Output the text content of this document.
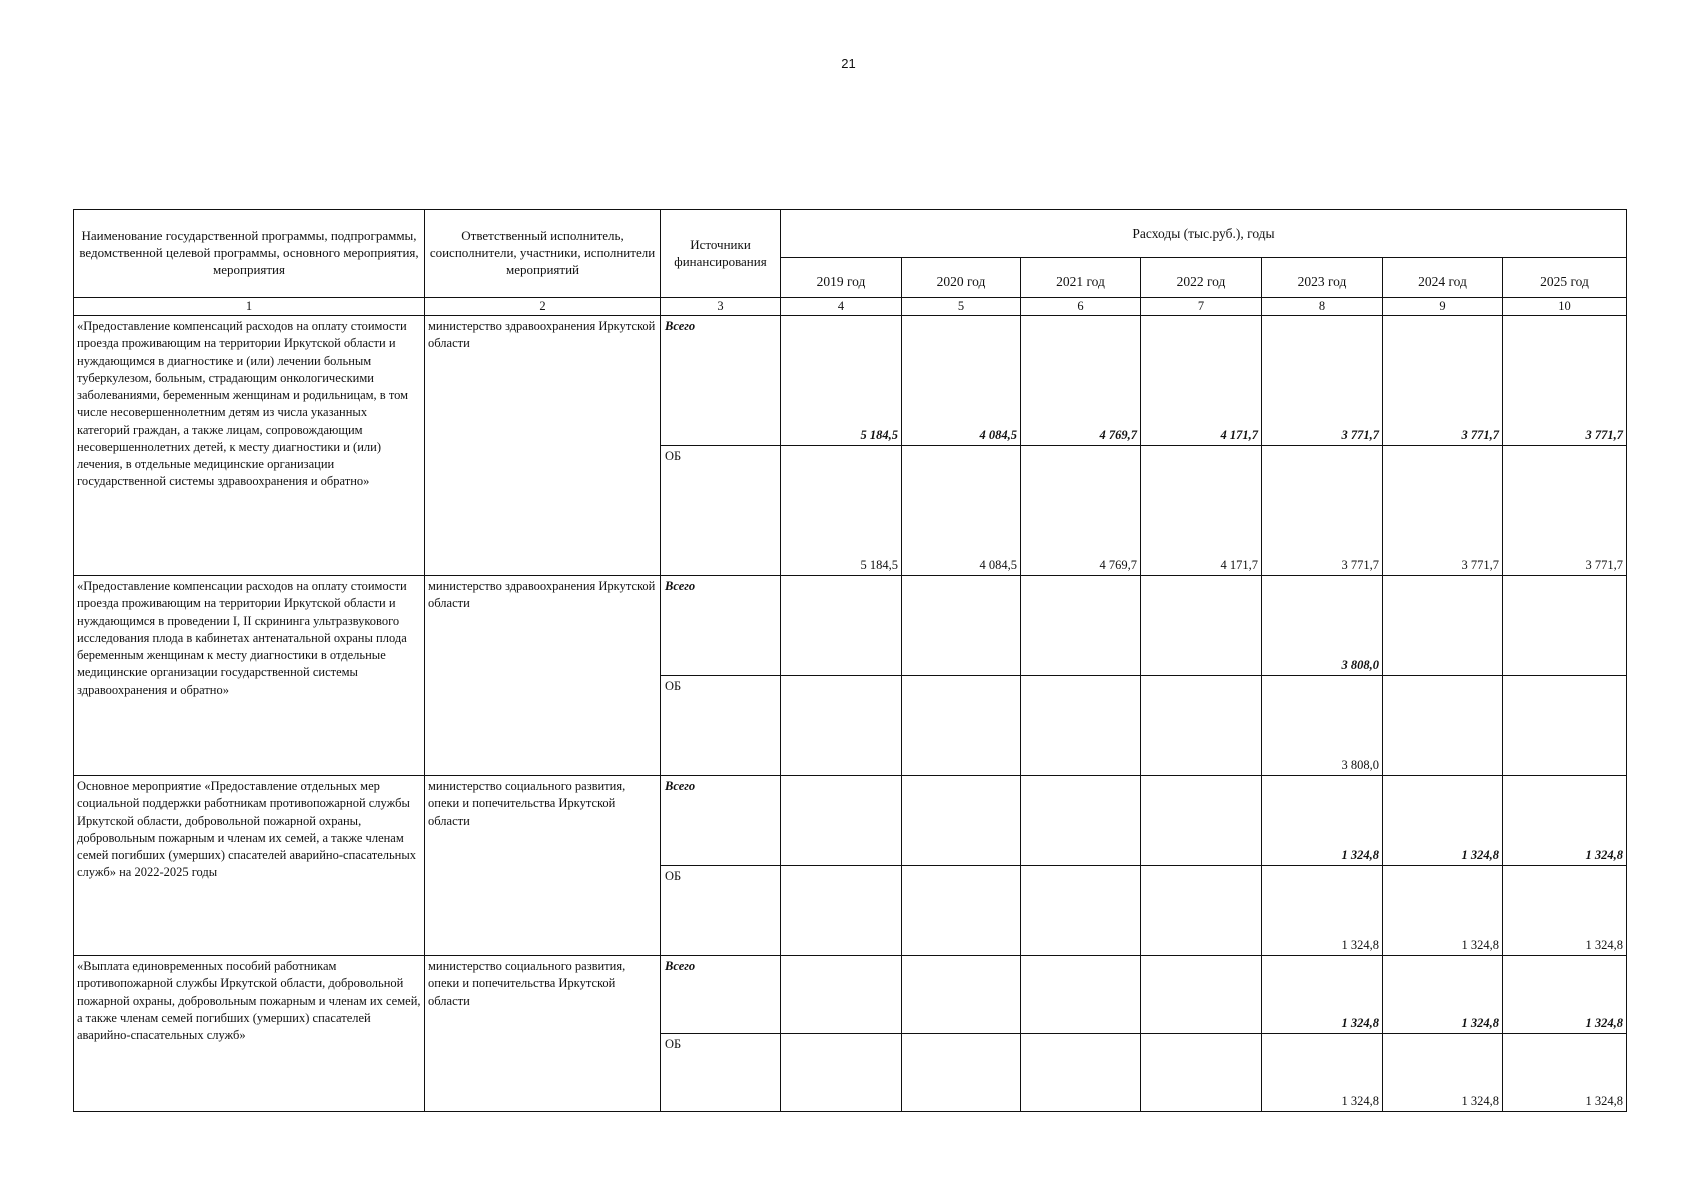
21
Наименование государственной программы, подпрограммы, ведомственной целевой программы, основного мероприятия, мероприятия	Ответственный исполнитель, соисполнители, участники, исполнители мероприятий	Источники финансирования	Расходы (тыс.руб.), годы						
			2019 год	2020 год	2021 год	2022 год	2023 год	2024 год	2025 год
1	2	3	4	5	6	7	8	9	10
«Предоставление компенсаций расходов на оплату стоимости проезда проживающим на территории Иркутской области и нуждающимся в диагностике и (или) лечении больным туберкулезом, больным, страдающим онкологическими заболеваниями, беременным женщинам и родильницам, в том числе несовершеннолетним детям из числа указанных категорий граждан, а также лицам, сопровождающим несовершеннолетних детей, к месту диагностики и (или) лечения, в отдельные медицинские организации государственной системы здравоохранения и обратно»	министерство здравоохранения Иркутской области	Всего	5 184,5	4 084,5	4 769,7	4 171,7	3 771,7	3 771,7	3 771,7
		ОБ	5 184,5	4 084,5	4 769,7	4 171,7	3 771,7	3 771,7	3 771,7
«Предоставление компенсации расходов на оплату стоимости проезда проживающим на территории Иркутской области и нуждающимся в проведении I, II скрининга ультразвукового исследования плода в кабинетах антенатальной охраны плода беременным женщинам к месту диагностики в отдельные медицинские организации государственной системы здравоохранения и обратно»	министерство здравоохранения Иркутской области	Всего					3 808,0		
		ОБ					3 808,0		
Основное мероприятие «Предоставление отдельных мер социальной поддержки работникам противопожарной службы Иркутской области, добровольной пожарной охраны, добровольным пожарным и членам их семей, а также членам семей погибших (умерших) спасателей аварийно-спасательных служб» на 2022-2025 годы	министерство социального развития, опеки и попечительства Иркутской области	Всего					1 324,8	1 324,8	1 324,8
		ОБ					1 324,8	1 324,8	1 324,8
«Выплата единовременных пособий работникам противопожарной службы Иркутской области, добровольной пожарной охраны, добровольным пожарным и членам их семей, а также членам семей погибших (умерших) спасателей аварийно-спасательных служб»	министерство социального развития, опеки и попечительства Иркутской области	Всего					1 324,8	1 324,8	1 324,8
		ОБ					1 324,8	1 324,8	1 324,8
